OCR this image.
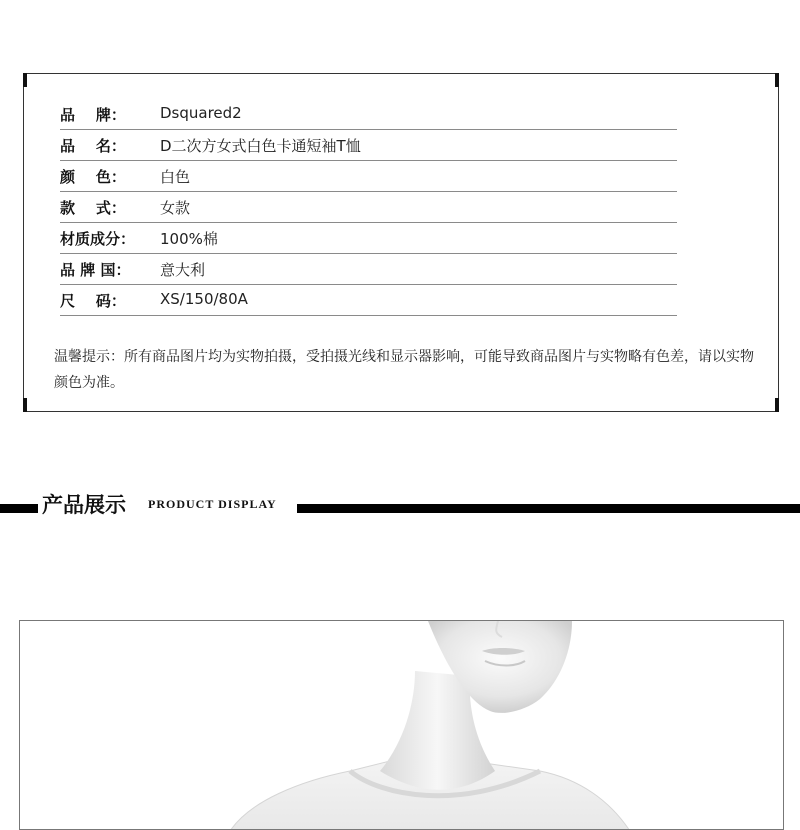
品    牌：	Dsquared2
品    名：	D二次方女式白色卡通短袖T恤
颜    色：	白色
款    式：	女款
材质成分：	100%棉
品 牌 国：	意大利
尺    码：	XS/150/80A
温馨提示：所有商品图片均为实物拍摄，受拍摄光线和显示器影响，可能导致商品图片与实物略有色差，请以实物颜色为准。
产品展示 PRODUCT DISPLAY
